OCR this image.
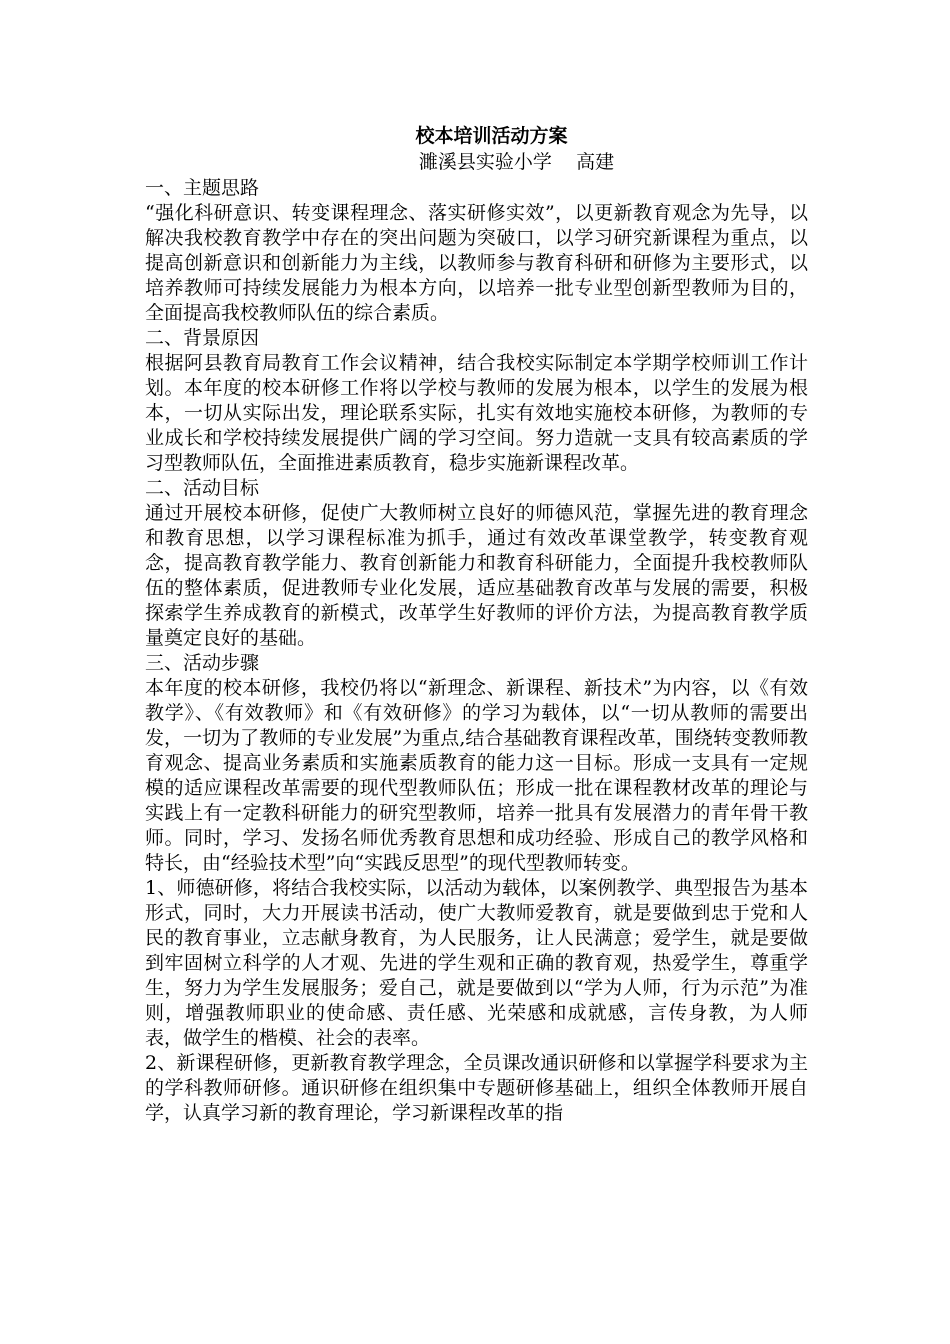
校本培训活动方案

濉溪县实验小学    高建

一、主题思路

“强化科研意识、转变课程理念、落实研修实效”，以更新教育观念为先导，以解决我校教育教学中存在的突出问题为突破口，以学习研究新课程为重点，以提高创新意识和创新能力为主线，以教师参与教育科研和研修为主要形式，以培养教师可持续发展能力为根本方向，以培养一批专业型创新型教师为目的，全面提高我校教师队伍的综合素质。

二、背景原因

根据阿县教育局教育工作会议精神，结合我校实际制定本学期学校师训工作计划。本年度的校本研修工作将以学校与教师的发展为根本，以学生的发展为根本，一切从实际出发，理论联系实际，扎实有效地实施校本研修，为教师的专业成长和学校持续发展提供广阔的学习空间。努力造就一支具有较高素质的学习型教师队伍，全面推进素质教育，稳步实施新课程改革。

二、活动目标

通过开展校本研修，促使广大教师树立良好的师德风范，掌握先进的教育理念和教育思想，以学习课程标准为抓手，通过有效改革课堂教学，转变教育观念，提高教育教学能力、教育创新能力和教育科研能力，全面提升我校教师队伍的整体素质，促进教师专业化发展，适应基础教育改革与发展的需要，积极探索学生养成教育的新模式，改革学生好教师的评价方法，为提高教育教学质量奠定良好的基础。

三、活动步骤

本年度的校本研修，我校仍将以“新理念、新课程、新技术”为内容，以《有效教学》、《有效教师》和《有效研修》的学习为载体，以“一切从教师的需要出发，一切为了教师的专业发展”为重点,结合基础教育课程改革，围绕转变教师教育观念、提高业务素质和实施素质教育的能力这一目标。形成一支具有一定规模的适应课程改革需要的现代型教师队伍；形成一批在课程教材改革的理论与实践上有一定教科研能力的研究型教师，培养一批具有发展潜力的青年骨干教师。同时，学习、发扬名师优秀教育思想和成功经验、形成自己的教学风格和特长，由“经验技术型”向“实践反思型”的现代型教师转变。

1、师德研修，将结合我校实际，以活动为载体，以案例教学、典型报告为基本形式，同时，大力开展读书活动，使广大教师爱教育，就是要做到忠于党和人民的教育事业，立志献身教育，为人民服务，让人民满意；爱学生，就是要做到牢固树立科学的人才观、先进的学生观和正确的教育观，热爱学生，尊重学生，努力为学生发展服务；爱自己，就是要做到以“学为人师，行为示范”为准则，增强教师职业的使命感、责任感、光荣感和成就感，言传身教，为人师表，做学生的楷模、社会的表率。

2、新课程研修，更新教育教学理念，全员课改通识研修和以掌握学科要求为主的学科教师研修。通识研修在组织集中专题研修基础上，组织全体教师开展自学，认真学习新的教育理论，学习新课程改革的指
